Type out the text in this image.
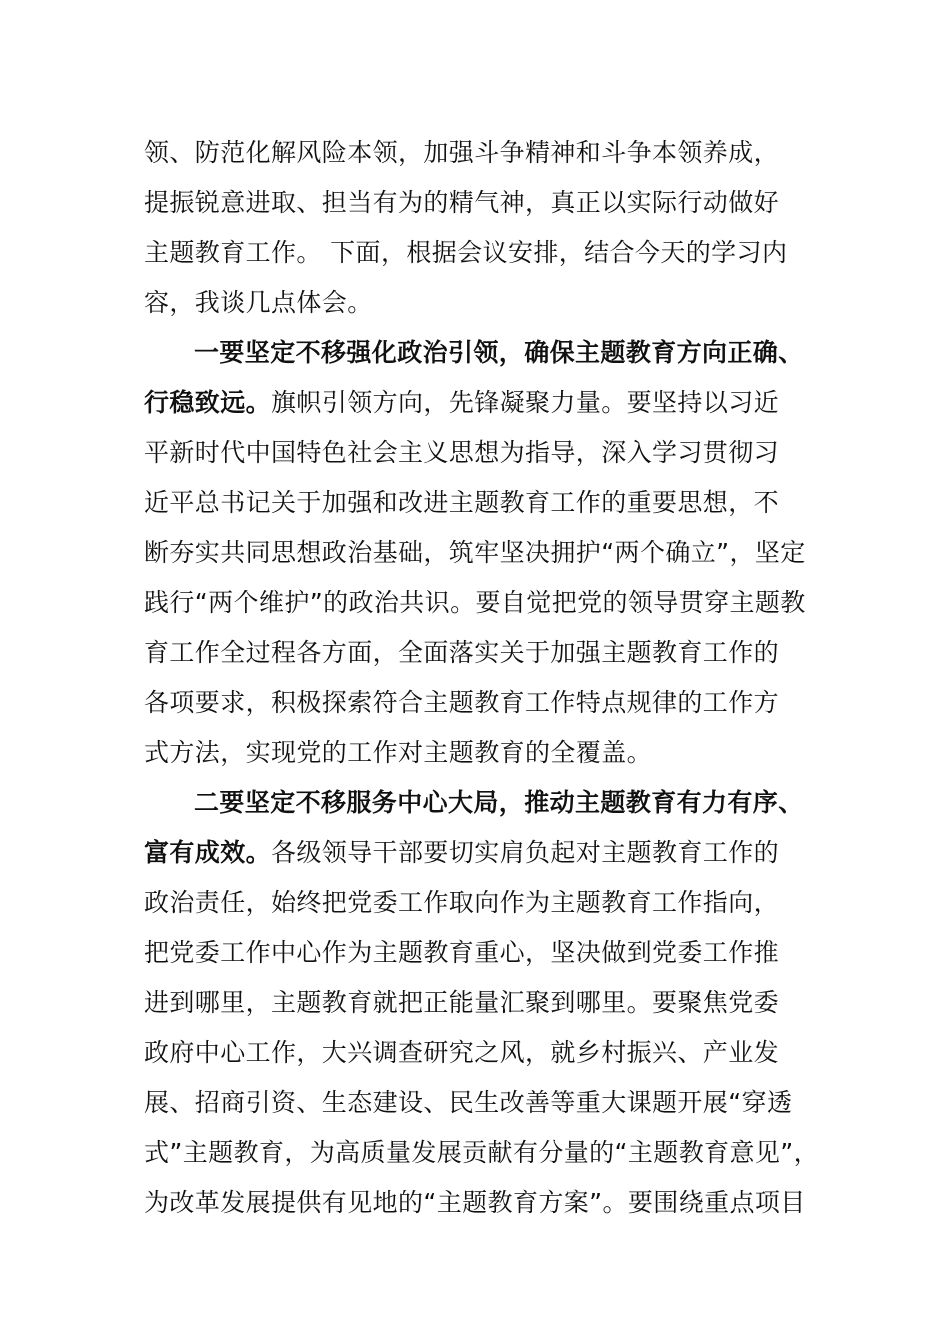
领、防范化解风险本领，加强斗争精神和斗争本领养成，
提振锐意进取、担当有为的精气神，真正以实际行动做好
主题教育工作。 下面，根据会议安排，结合今天的学习内
容，我谈几点体会。

一要坚定不移强化政治引领，确保主题教育方向正确、
行稳致远。旗帜引领方向，先锋凝聚力量。要坚持以习近
平新时代中国特色社会主义思想为指导，深入学习贯彻习
近平总书记关于加强和改进主题教育工作的重要思想，不
断夯实共同思想政治基础，筑牢坚决拥护“两个确立”，坚定
践行“两个维护”的政治共识。要自觉把党的领导贯穿主题教
育工作全过程各方面，全面落实关于加强主题教育工作的
各项要求，积极探索符合主题教育工作特点规律的工作方
式方法，实现党的工作对主题教育的全覆盖。

二要坚定不移服务中心大局，推动主题教育有力有序、
富有成效。各级领导干部要切实肩负起对主题教育工作的
政治责任，始终把党委工作取向作为主题教育工作指向，
把党委工作中心作为主题教育重心，坚决做到党委工作推
进到哪里，主题教育就把正能量汇聚到哪里。要聚焦党委
政府中心工作，大兴调查研究之风，就乡村振兴、产业发
展、招商引资、生态建设、民生改善等重大课题开展“穿透
式”主题教育，为高质量发展贡献有分量的“主题教育意见”，
为改革发展提供有见地的“主题教育方案”。要围绕重点项目
